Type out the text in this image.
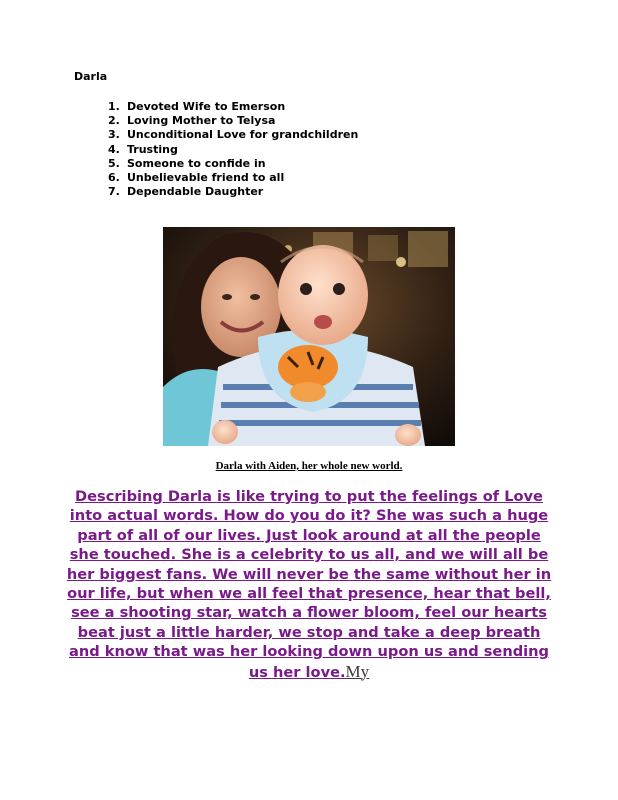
Darla
1. Devoted Wife to Emerson
2. Loving Mother to Telysa
3. Unconditional Love for grandchildren
4. Trusting
5. Someone to confide in
6. Unbelievable friend to all
7. Dependable Daughter
Darla with Aiden, her whole new world.

Describing Darla is like trying to put the feelings of Love into actual words. How do you do it? She was such a huge part of all of our lives. Just look around at all the people she touched. She is a celebrity to us all, and we will all be her biggest fans. We will never be the same without her in our life, but when we all feel that presence, hear that bell, see a shooting star, watch a flower bloom, feel our hearts beat just a little harder, we stop and take a deep breath and know that was her looking down upon us and sending us her love.My
